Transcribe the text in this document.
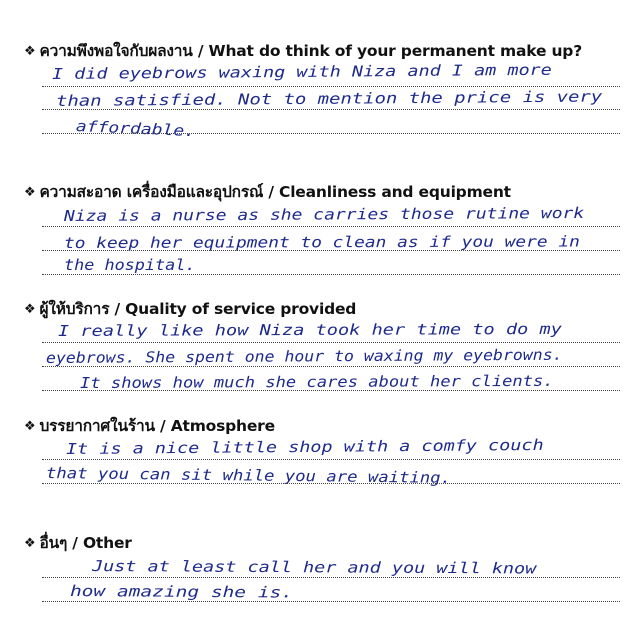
❖ ความพึงพอใจกับผลงาน / What do think of your permanent make up?
I did eyebrows waxing with Niza and I am more
than satisfied. Not to mention the price is very
affordable.
❖ ความสะอาด เครื่องมือและอุปกรณ์ / Cleanliness and equipment
Niza is a nurse as she carries those rutine work
to keep her equipment to clean as if you were in
the hospital.
❖ ผู้ให้บริการ / Quality of service provided
I really like how Niza took her time to do my
eyebrows. She spent one hour to waxing my eyebrowns.
It shows how much she cares about her clients.
❖ บรรยากาศในร้าน / Atmosphere
It is a nice little shop with a comfy couch
that you can sit while you are waiting.
❖ อื่นๆ / Other
Just at least call her and you will know
how amazing she is.
